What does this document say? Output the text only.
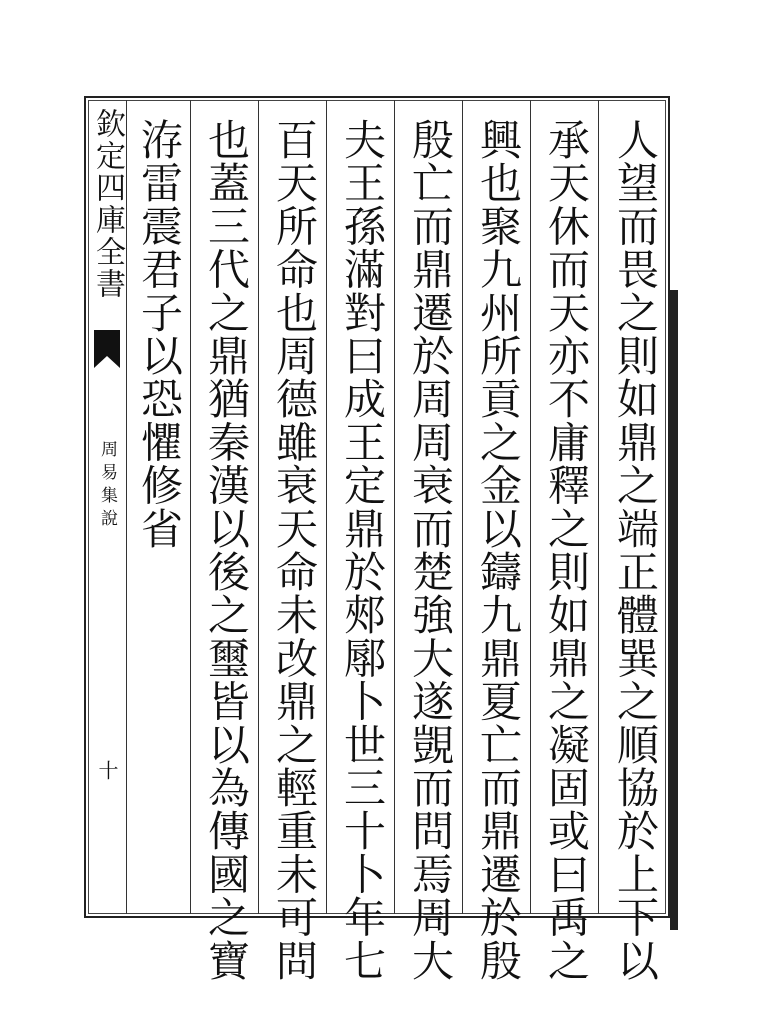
欽定四庫全書
周易集說
十	人望而畏之則如鼎之端正體巽之順協於上下以
承天休而天亦不庸釋之則如鼎之凝固或曰禹之
興也聚九州所貢之金以鑄九鼎夏亡而鼎遷於殷
殷亡而鼎遷於周周衰而楚強大遂覬而問焉周大
夫王孫滿對曰成王定鼎於郟鄏卜世三十卜年七
百天所命也周德雖衰天命未改鼎之輕重未可問
也蓋三代之鼎猶秦漢以後之璽皆以為傳國之寶
洊雷震君子以恐懼修省
